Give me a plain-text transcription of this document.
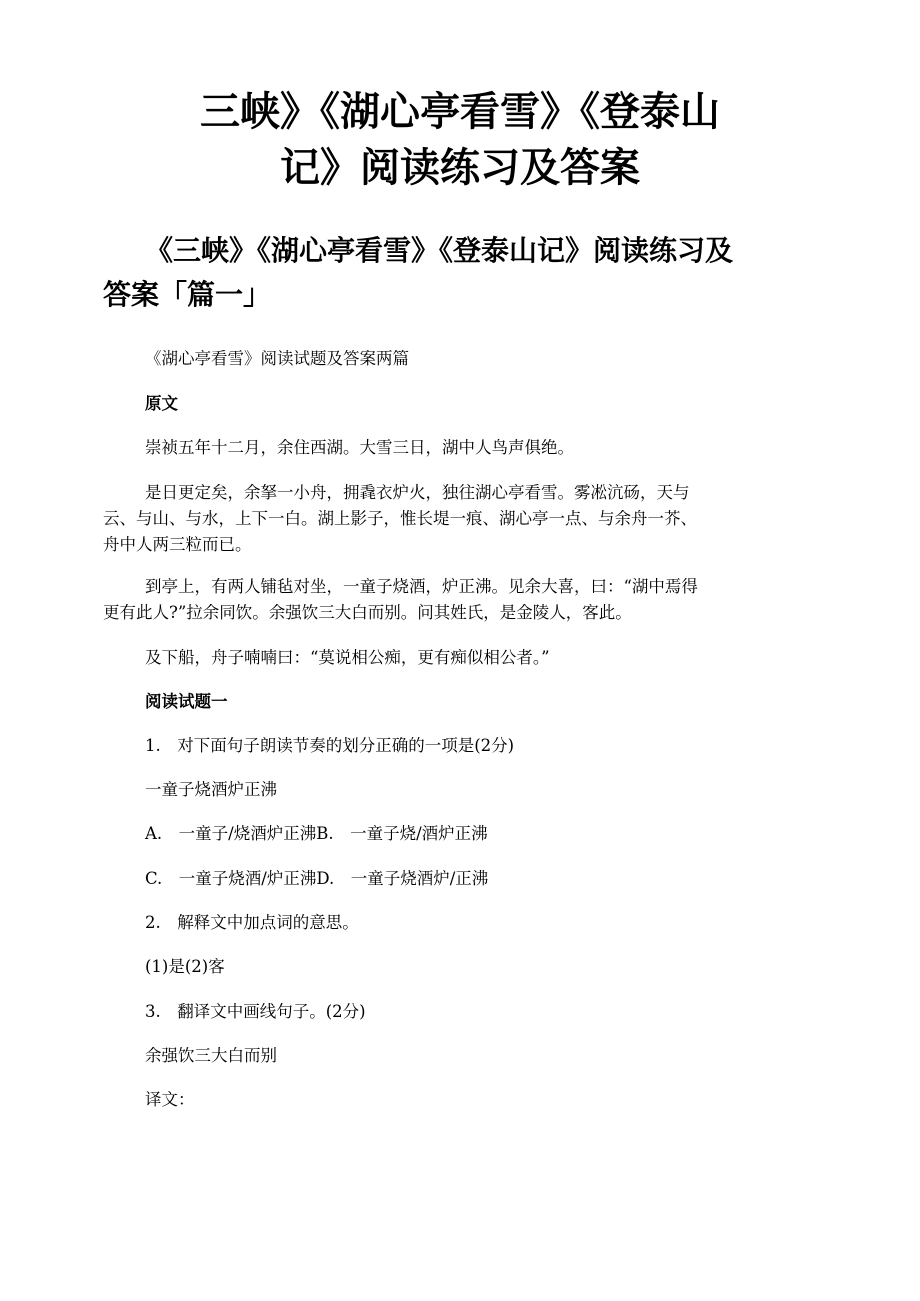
三峡》《湖心亭看雪》《登泰山
记》阅读练习及答案
《三峡》《湖心亭看雪》《登泰山记》阅读练习及
答案「篇一」

《湖心亭看雪》阅读试题及答案两篇

原文

崇祯五年十二月，余住西湖。大雪三日，湖中人鸟声俱绝。

是日更定矣，余拏一小舟，拥毳衣炉火，独往湖心亭看雪。雾凇沆砀，天与

云、与山、与水，上下一白。湖上影子，惟长堤一痕、湖心亭一点、与余舟一芥、

舟中人两三粒而已。

到亭上，有两人铺毡对坐，一童子烧酒，炉正沸。见余大喜，曰：“湖中焉得

更有此人?”拉余同饮。余强饮三大白而别。问其姓氏，是金陵人，客此。

及下船，舟子喃喃曰：“莫说相公痴，更有痴似相公者。”

阅读试题一

1.　对下面句子朗读节奏的划分正确的一项是(2分)

一童子烧酒炉正沸

A.　一童子/烧酒炉正沸B.　一童子烧/酒炉正沸

C.　一童子烧酒/炉正沸D.　一童子烧酒炉/正沸

2.　解释文中加点词的意思。

(1)是(2)客

3.　翻译文中画线句子。(2分)

余强饮三大白而别

译文：
